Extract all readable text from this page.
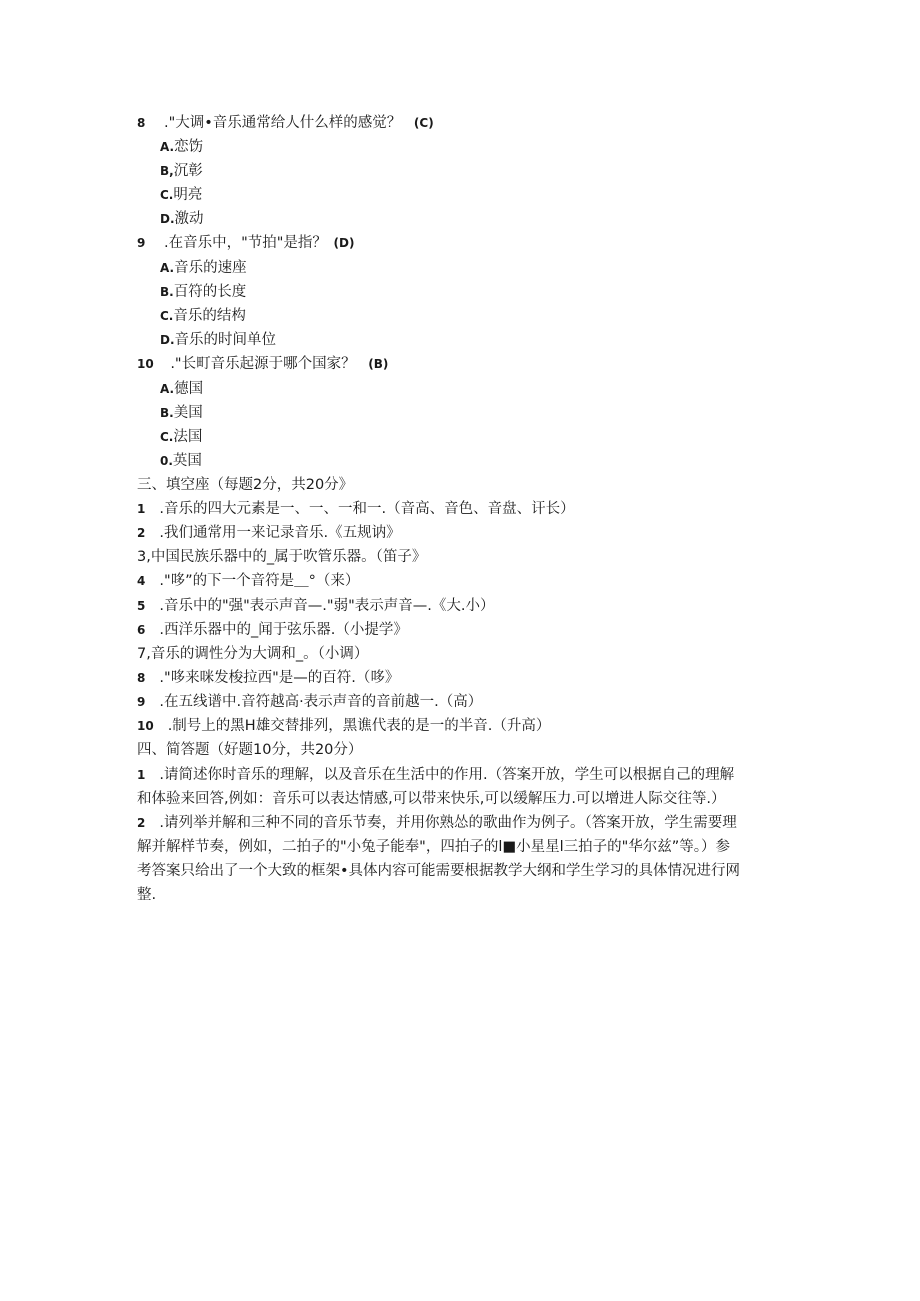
8 ."大调•音乐通常给人什么样的感觉？ (C)
A.恋饬
B,沉彰
C.明亮
D.激动
9 .在音乐中，"节拍"是指？ (D)
A.音乐的速座
B.百符的长度
C.音乐的结构
D.音乐的时间单位
10 ."长町音乐起源于哪个国家？ (B)
A.德国
B.美国
C.法国
0.英国
三、填空座（每题2分，共20分》
1 .音乐的四大元素是一、一、一和一.（音高、音色、音盘、讦长）
2 .我们通常用一来记录音乐.《五规讷》
3,中国民族乐器中的_属于吹管乐器。（笛子》
4 ."哆”的下一个音符是＿°（来）
5 .音乐中的"强"表示声音—."弱"表示声音—.《大.小）
6 .西洋乐器中的_闻于弦乐器.（小提学》
7,音乐的调性分为大调和_。（小调）
8 ."哆来咪发梭拉西"是—的百符.（哆》
9 .在五线谱中.音符越高·表示声音的音前越一.（高）
10 .制号上的黑H雄交替排列，黑谯代表的是一的半音.（升高）
四、简答题（好题10分，共20分）
1 .请简述你时音乐的理解，以及音乐在生活中的作用.（答案开放，学生可以根据自己的理解
和体验来回答,例如：音乐可以表达情感,可以带来快乐,可以缓解压力.可以增进人际交往等.）
2 .请列举并解和三种不同的音乐节奏，并用你熟怂的歌曲作为例子。（答案开放，学生需要理
解并解样节奏，例如，二拍子的"小兔子能奉"，四拍子的l■小星星l三拍子的"华尔兹”等。）参
考答案只给出了一个大致的框架•具体内容可能需要根据教学大纲和学生学习的具体情况进行网
整.
